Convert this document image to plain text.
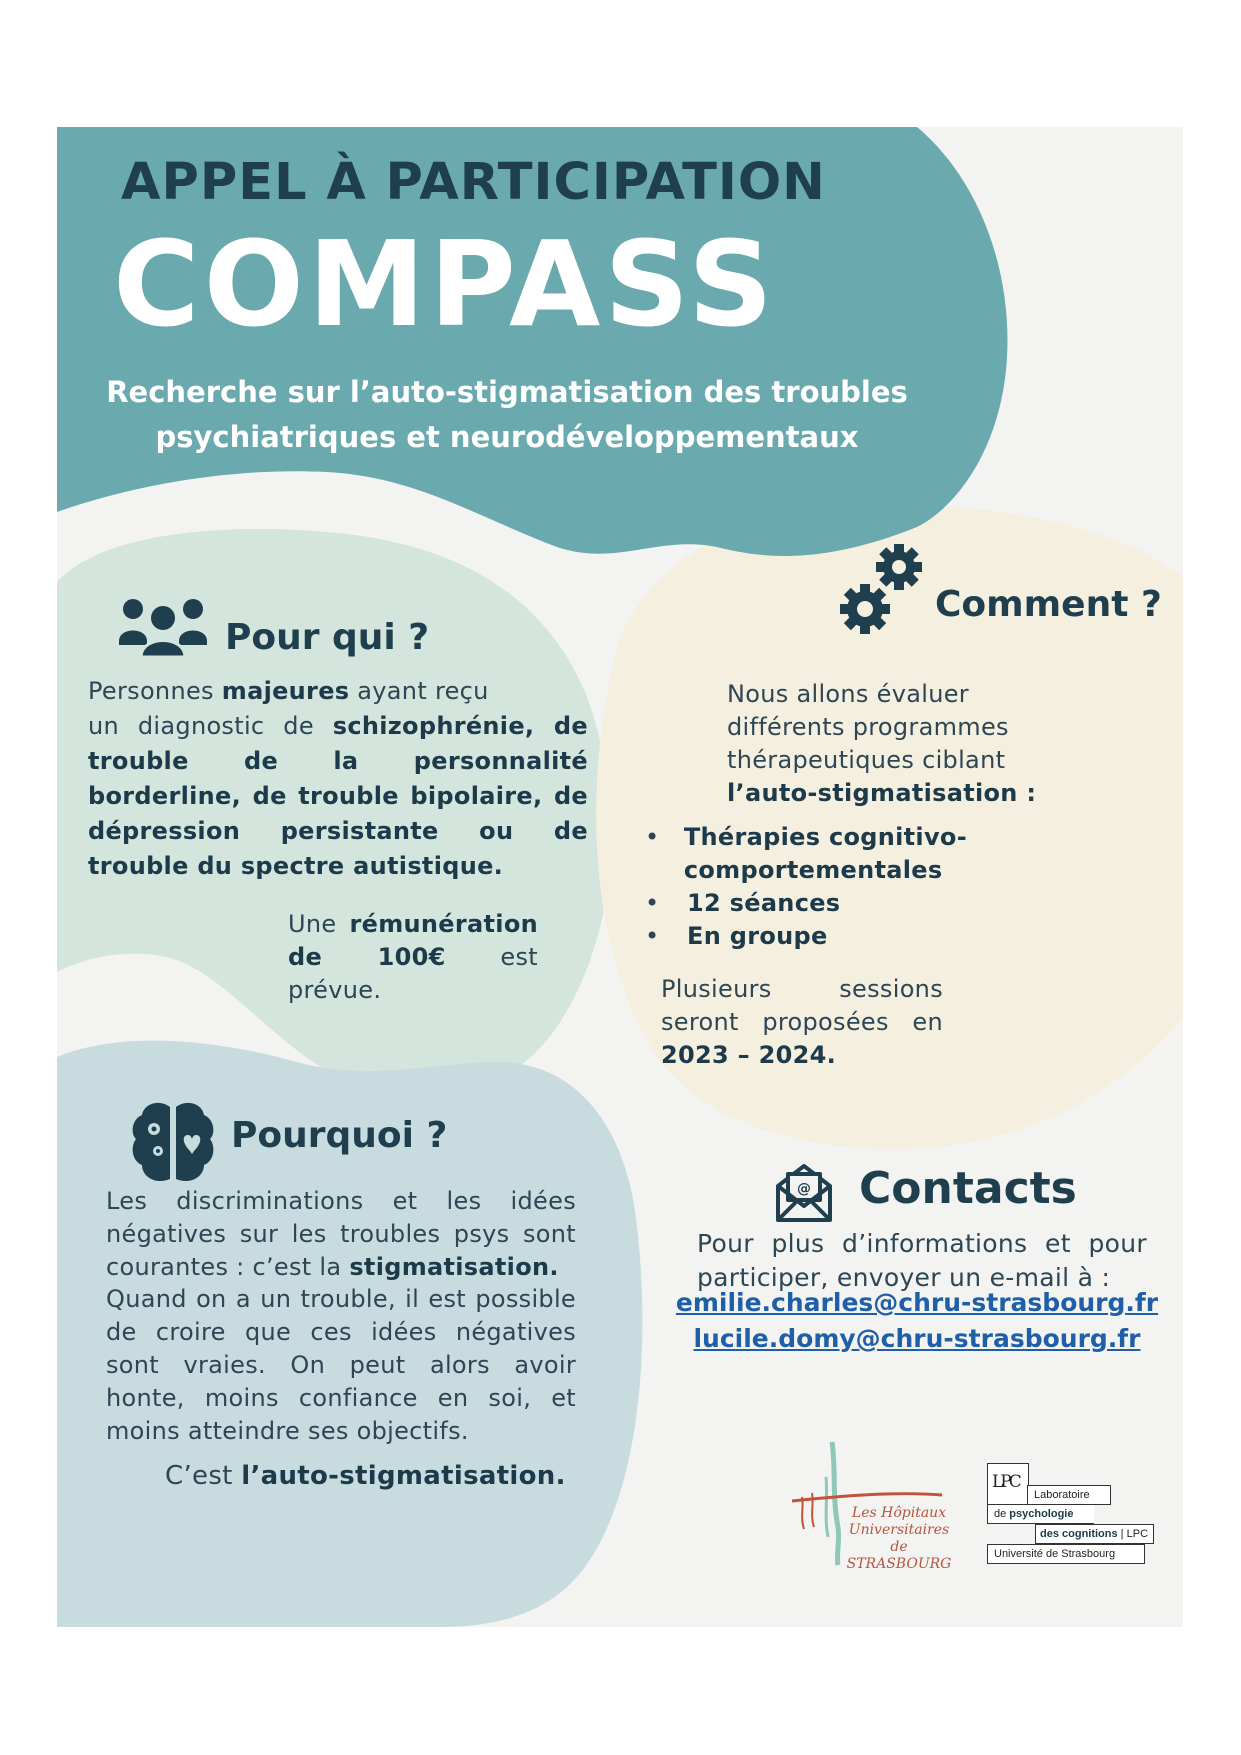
APPEL À PARTICIPATION
COMPASS
Recherche sur l’auto-stigmatisation des troubles
psychiatriques et neurodéveloppementaux
Pour qui ?
Personnes majeures ayant reçu
un diagnostic de schizophrénie, de trouble de la personnalité borderline, de trouble bipolaire, de dépression persistante ou de trouble du spectre autistique.
Une rémunération de 100€ est prévue.
Comment ?
Nous allons évaluer différents programmes thérapeutiques ciblant l’auto-stigmatisation :
•	Thérapies cognitivo-comportementales
•	12 séances
•	En groupe
Plusieurs sessions seront proposées en 2023 – 2024.
Pourquoi ?
Les discriminations et les idées négatives sur les troubles psys sont courantes : c’est la stigmatisation.
Quand on a un trouble, il est possible de croire que ces idées négatives sont vraies. On peut alors avoir honte, moins confiance en soi, et moins atteindre ses objectifs.
C’est l’auto-stigmatisation.
@ Contacts
Pour plus d’informations et pour participer, envoyer un e-mail à :
emilie.charles@chru-strasbourg.fr
lucile.domy@chru-strasbourg.fr
Les Hôpitaux
Universitaires
de STRASBOURG
LPC
Laboratoire
de psychologie
des cognitions | LPC
Université de Strasbourg
